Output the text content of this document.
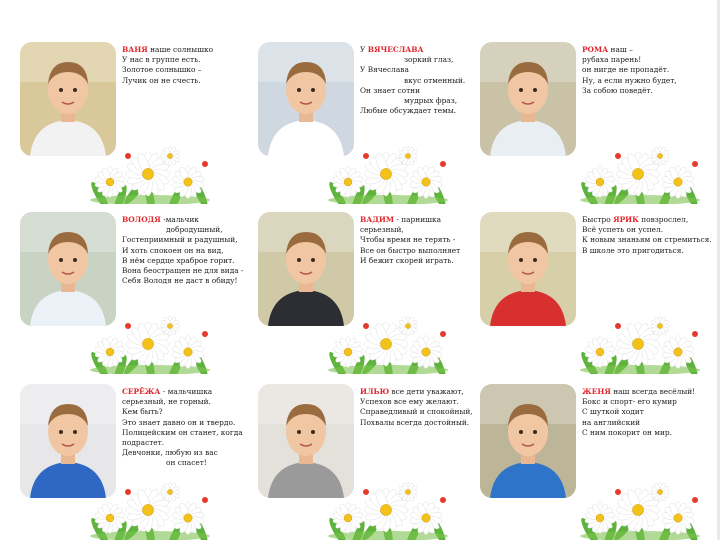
ВАНЯ наше солнышко
У нас в группе есть.
Золотое солнышко –
Лучик он не счесть.
У ВЯЧЕСЛАВА
зоркий глаз,
У Вячеслава
вкус отменный.
Он знает сотни
мудрых фраз,
Любые обсуждает темы.
РОМА наш –
рубаха парень!
он нигде не пропадёт.
Ну, а если нужно будет,
За собою поведёт.
ВОЛОДЯ -мальчик
добродушный,
Гостеприимный и радушный,
И хоть спокоен он на вид,
В нём сердце храброе горит.
Вона беостращен не для вида -
Себя Володя не даст в обиду!
ВАДИМ - парнишка
серьезный,
Чтобы время не терять -
Все он быстро выполняет
И бежит скорей играть.
Быстро ЯРИК повзрослел,
Всё успеть он успел.
К новым знаньям он стремиться.
В школе это пригодиться.
СЕРЁЖА - мальчишка
серьезный, не горный.
Кем быть?
Это знает давно он и твердо.
Полицейским он станет, когда
подрастет.
Девчонки, любую из вас
он спасет!
ИЛЬЮ все дети уважают,
Успехов все ему желают.
Справедливый и спокойный,
Похвалы всегда достойный.
ЖЕНЯ наш всегда весёлый!
Бокс и спорт- его кумир
С шуткой ходит
на английский
С ним покорит он мир.
